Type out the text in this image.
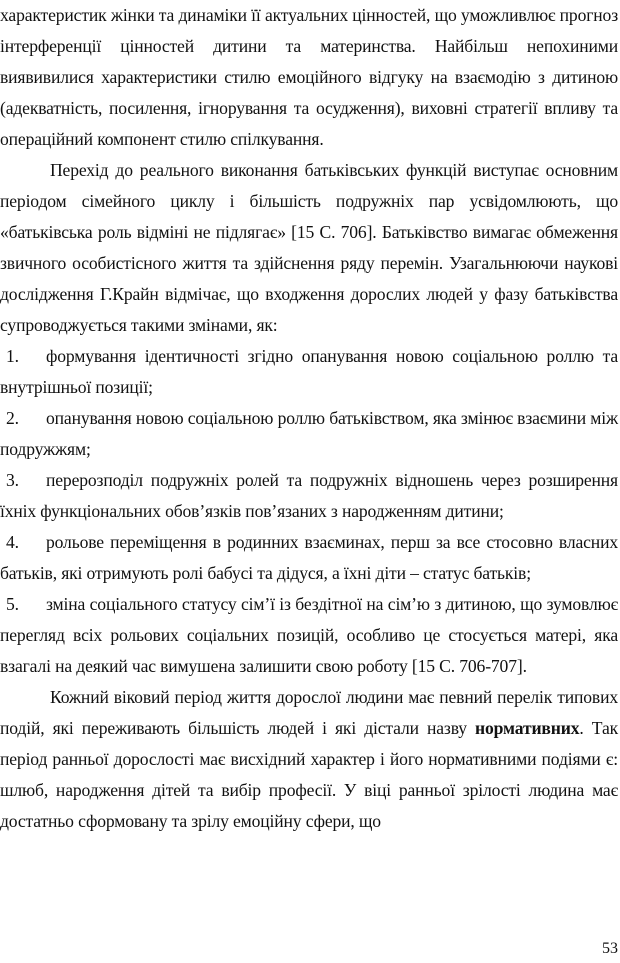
характеристик жінки та динаміки її актуальних цінностей, що уможливлює прогноз інтерференції цінностей дитини та материнства. Найбільш непохиними виявивилися характеристики стилю емоційного відгуку на взаємодію з дитиною (адекватність, посилення, ігнорування та осудження), виховні стратегії впливу та операційний компонент стилю спілкування.

Перехід до реального виконання батьківських функцій виступає основним періодом сімейного циклу і більшість подружніх пар усвідомлюють, що «батьківська роль відміні не підлягає» [15 С. 706]. Батьківство вимагає обмеження звичного особистісного життя та здійснення ряду перемін. Узагальнюючи наукові дослідження Г.Крайн відмічає, що входження дорослих людей у фазу батьківства супроводжується такими змінами, як:

1. формування ідентичності згідно опанування новою соціальною роллю та внутрішньої позиції;

2. опанування новою соціальною роллю батьківством, яка змінює взаємини між подружжям;

3. перерозподіл подружніх ролей та подружніх відношень через розширення їхніх функціональних обов’язків пов’язаних з народженням дитини;

4. рольове переміщення в родинних взаєминах, перш за все стосовно власних батьків, які отримують ролі бабусі та дідуся, а їхні діти – статус батьків;

5. зміна соціального статусу сім’ї із бездітної на сім’ю з дитиною, що зумовлює перегляд всіх рольових соціальних позицій, особливо це стосується матері, яка взагалі на деякий час вимушена залишити свою роботу [15 С. 706-707].

Кожний віковий період життя дорослої людини має певний перелік типових подій, які переживають більшість людей і які дістали назву нормативних. Так період ранньої дорослості має висхідний характер і його нормативними подіями є: шлюб, народження дітей та вибір професії. У віці ранньої зрілості людина має достатньо сформовану та зрілу емоційну сфери, що

53
